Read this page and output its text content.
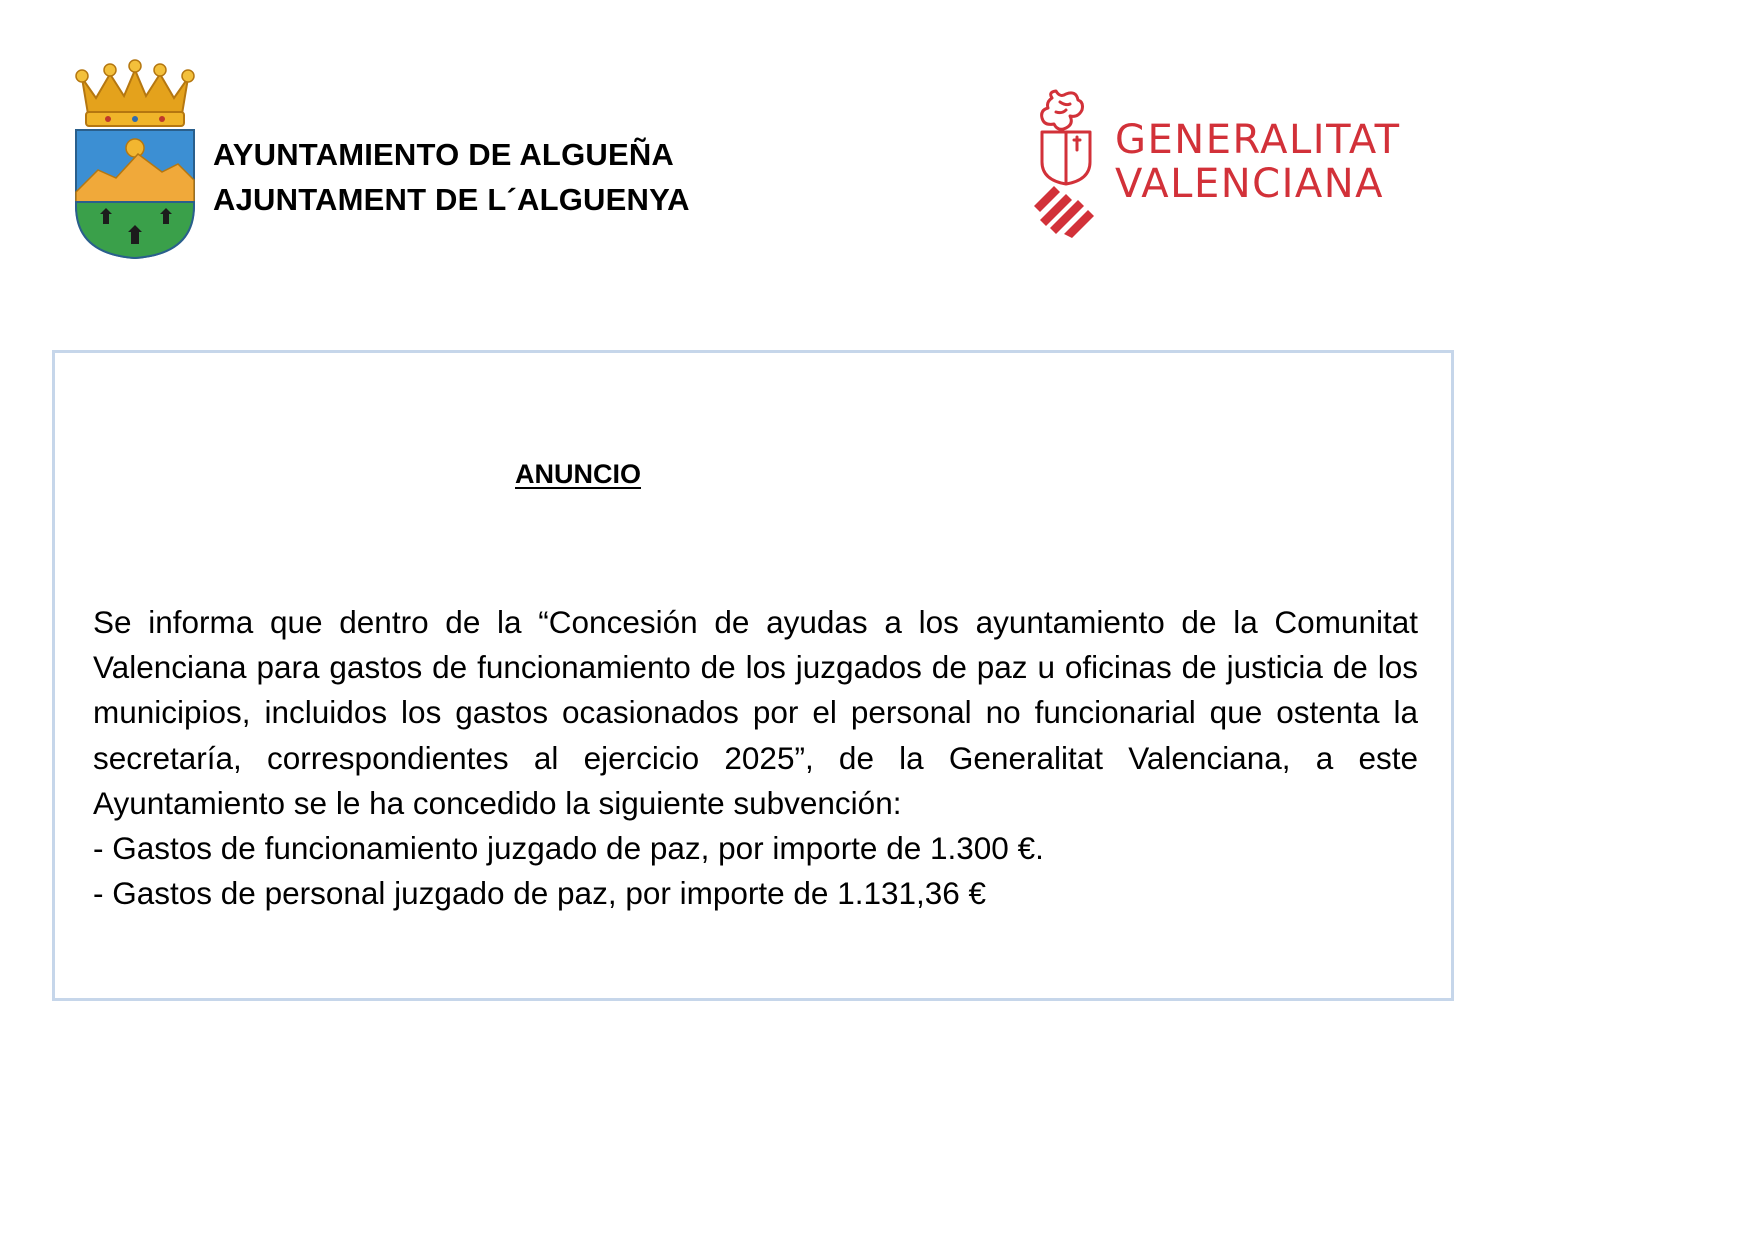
AYUNTAMIENTO DE ALGUEÑA
AJUNTAMENT DE L´ALGUENYA
GENERALITAT
VALENCIANA
ANUNCIO

Se informa que dentro de la “Concesión de ayudas a los ayuntamiento de la Comunitat Valenciana para gastos de funcionamiento de los juzgados de paz u oficinas de justicia de los municipios, incluidos los gastos ocasionados por el personal no funcionarial que ostenta la secretaría, correspondientes al ejercicio 2025”, de la Generalitat Valenciana, a este Ayuntamiento se le ha concedido la siguiente subvención:

- Gastos de funcionamiento juzgado de paz, por importe de 1.300 €.

- Gastos de personal juzgado de paz, por importe de 1.131,36 €
